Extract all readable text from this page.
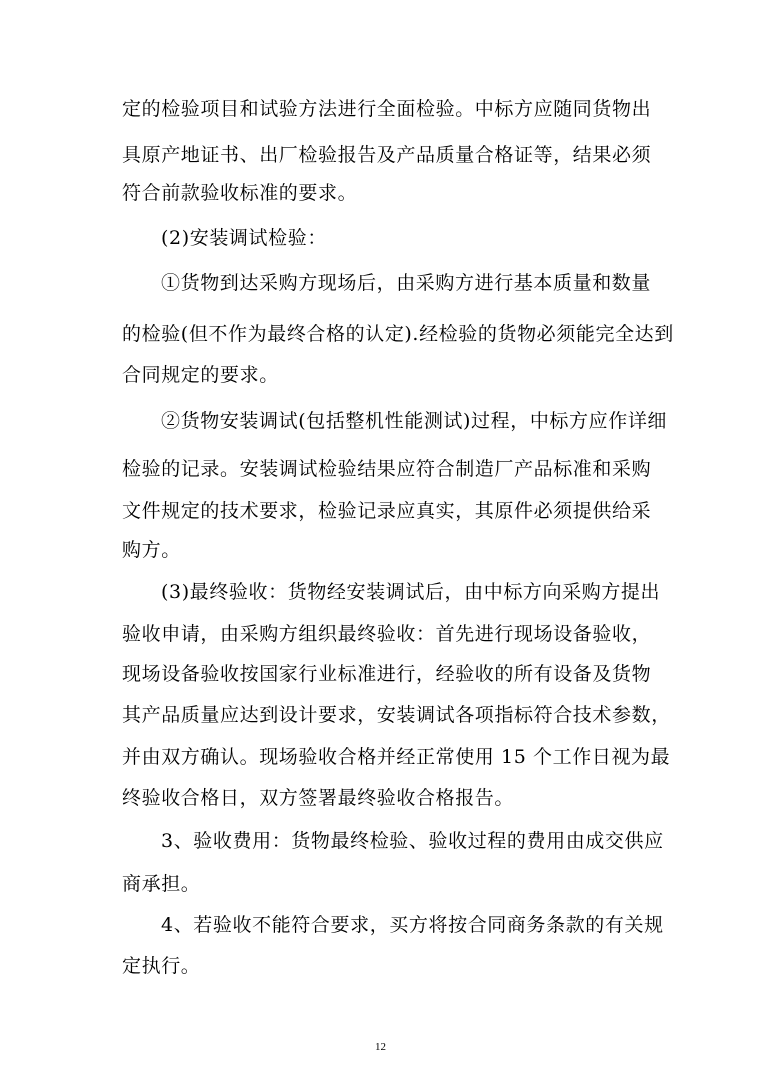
定的检验项目和试验方法进行全面检验。中标方应随同货物出
具原产地证书、出厂检验报告及产品质量合格证等，结果必须
符合前款验收标准的要求。
(2)安装调试检验：
①货物到达采购方现场后，由采购方进行基本质量和数量
的检验(但不作为最终合格的认定).经检验的货物必须能完全达到
合同规定的要求。
②货物安装调试(包括整机性能测试)过程，中标方应作详细
检验的记录。安装调试检验结果应符合制造厂产品标准和采购
文件规定的技术要求，检验记录应真实，其原件必须提供给采
购方。
(3)最终验收：货物经安装调试后，由中标方向采购方提出
验收申请，由采购方组织最终验收：首先进行现场设备验收，
现场设备验收按国家行业标准进行，经验收的所有设备及货物
其产品质量应达到设计要求，安装调试各项指标符合技术参数，
并由双方确认。现场验收合格并经正常使用 15 个工作日视为最
终验收合格日，双方签署最终验收合格报告。
3、验收费用：货物最终检验、验收过程的费用由成交供应
商承担。
4、若验收不能符合要求，买方将按合同商务条款的有关规
定执行。
12
